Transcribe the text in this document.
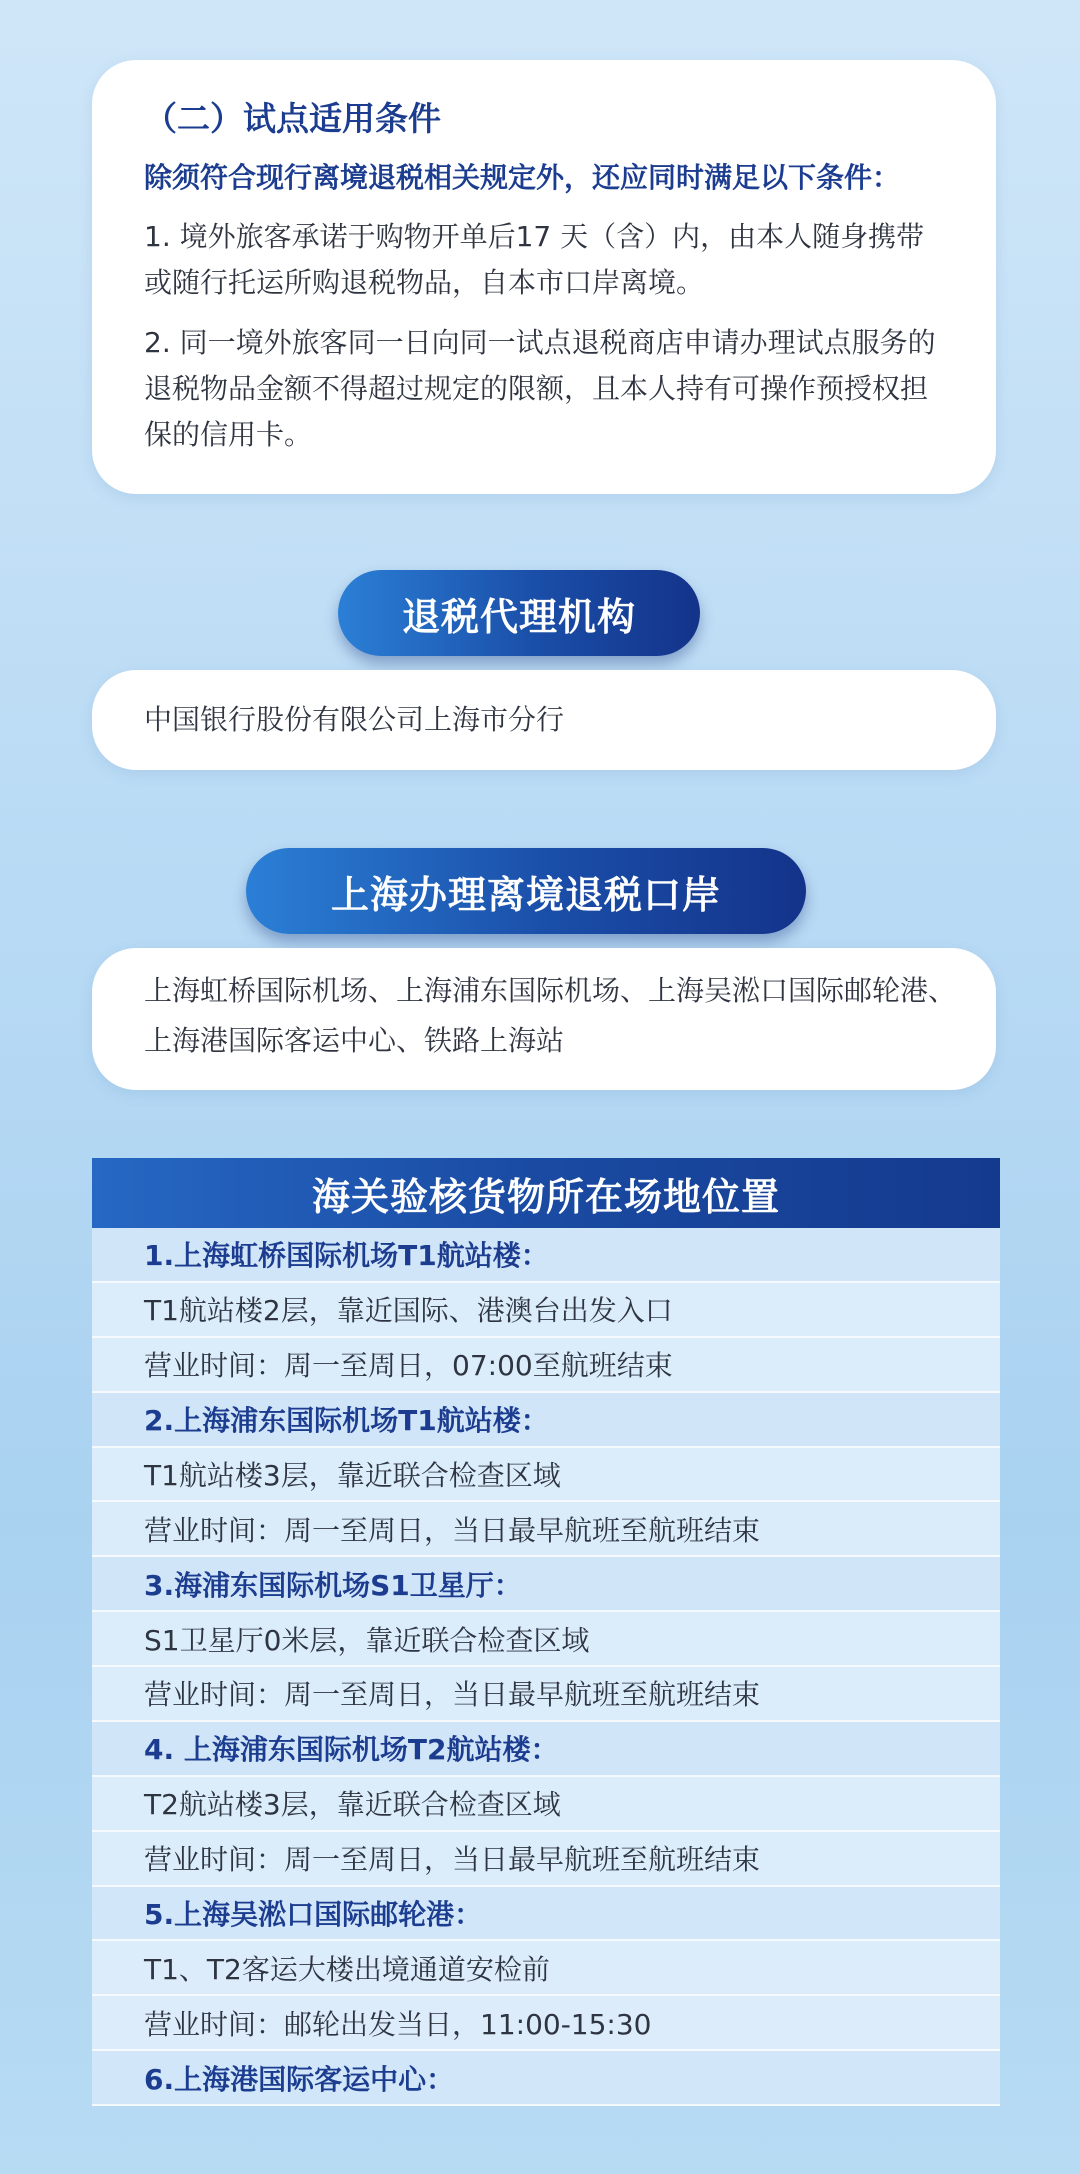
（二）试点适用条件
除须符合现行离境退税相关规定外，还应同时满足以下条件：
1. 境外旅客承诺于购物开单后17 天（含）内，由本人随身携带或随行托运所购退税物品，自本市口岸离境。
2. 同一境外旅客同一日向同一试点退税商店申请办理试点服务的退税物品金额不得超过规定的限额，且本人持有可操作预授权担保的信用卡。
退税代理机构
中国银行股份有限公司上海市分行
上海办理离境退税口岸
上海虹桥国际机场、上海浦东国际机场、上海吴淞口国际邮轮港、上海港国际客运中心、铁路上海站
海关验核货物所在场地位置
1.上海虹桥国际机场T1航站楼：
T1航站楼2层，靠近国际、港澳台出发入口
营业时间：周一至周日，07:00至航班结束
2.上海浦东国际机场T1航站楼：
T1航站楼3层，靠近联合检查区域
营业时间：周一至周日，当日最早航班至航班结束
3.海浦东国际机场S1卫星厅：
S1卫星厅0米层，靠近联合检查区域
营业时间：周一至周日，当日最早航班至航班结束
4. 上海浦东国际机场T2航站楼：
T2航站楼3层，靠近联合检查区域
营业时间：周一至周日，当日最早航班至航班结束
5.上海吴淞口国际邮轮港：
T1、T2客运大楼出境通道安检前
营业时间：邮轮出发当日，11:00-15:30
6.上海港国际客运中心：
